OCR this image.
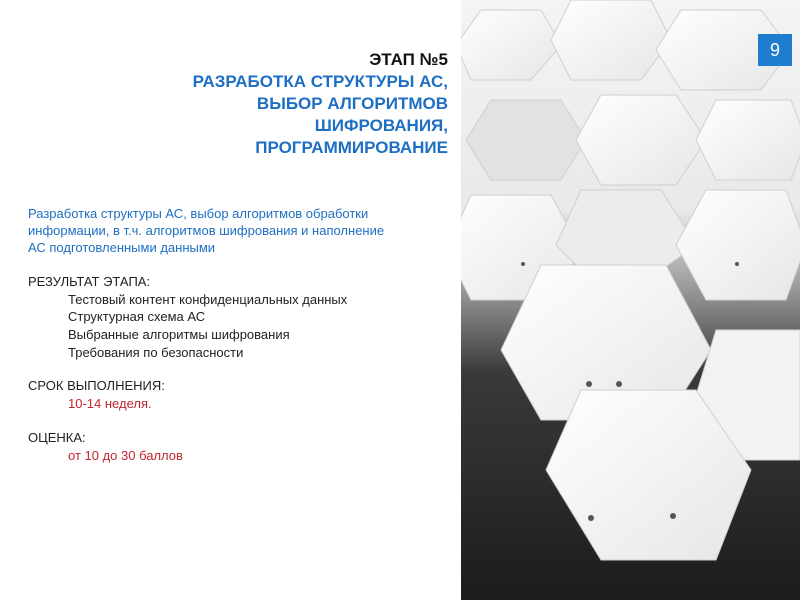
ЭТАП №5
РАЗРАБОТКА СТРУКТУРЫ АС,
ВЫБОР АЛГОРИТМОВ
ШИФРОВАНИЯ,
ПРОГРАММИРОВАНИЕ
Разработка структуры АС, выбор алгоритмов обработки
информации, в т.ч. алгоритмов шифрования и наполнение
АС подготовленными данными
РЕЗУЛЬТАТ ЭТАПА:
Тестовый контент конфиденциальных данных
Структурная схема АС
Выбранные алгоритмы шифрования
Требования по безопасности
СРОК ВЫПОЛНЕНИЯ:
10-14 неделя.
ОЦЕНКА:
от 10 до 30 баллов
9
